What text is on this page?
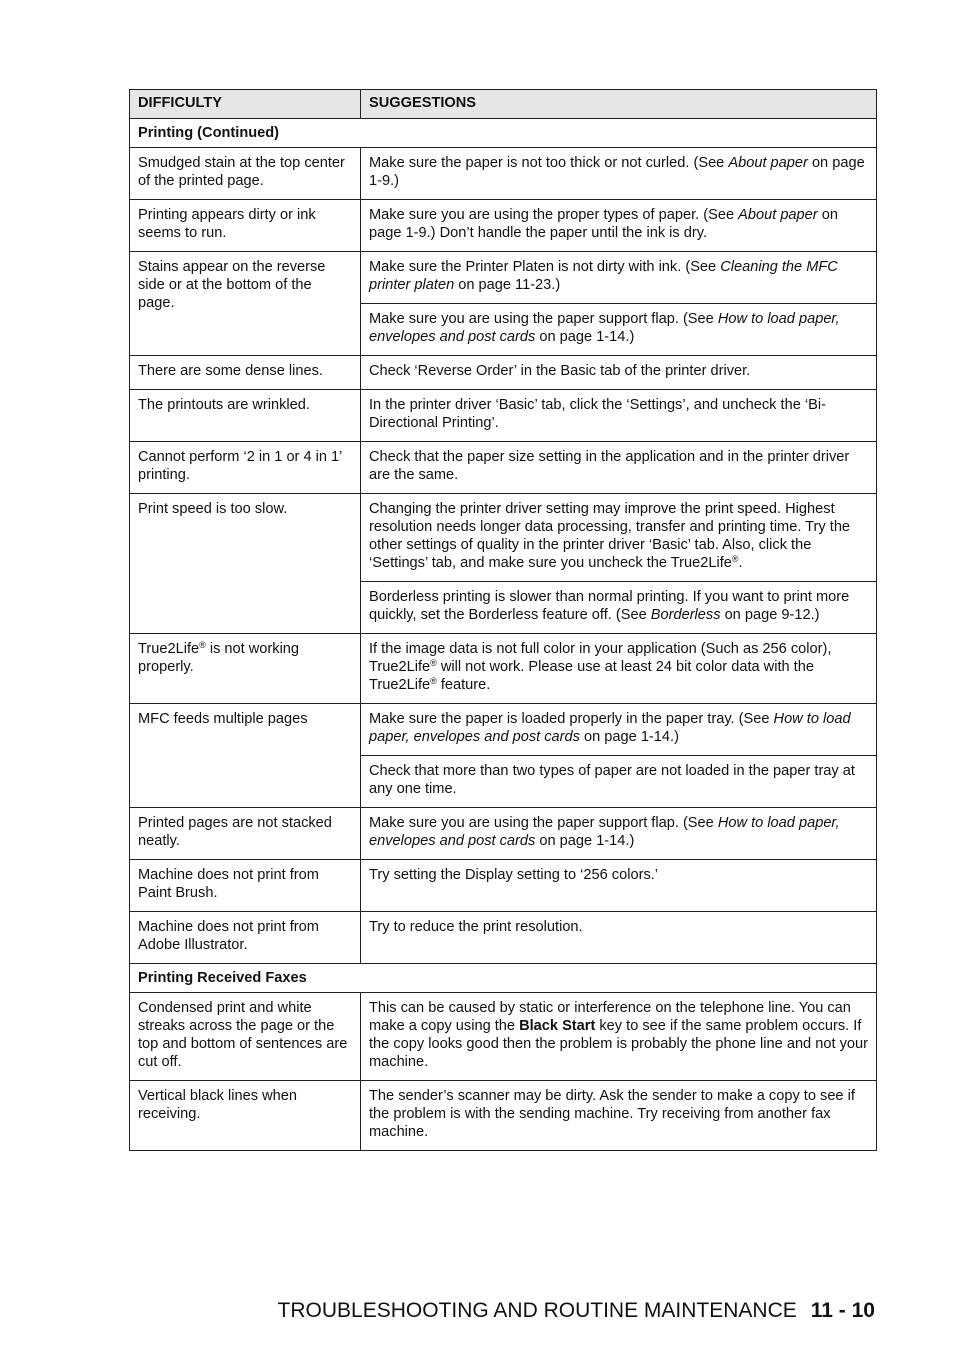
DIFFICULTY	SUGGESTIONS
Printing (Continued)	
Smudged stain at the top center of the printed page.	Make sure the paper is not too thick or not curled. (See About paper on page 1-9.)
Printing appears dirty or ink seems to run.	Make sure you are using the proper types of paper. (See About paper on page 1-9.) Don’t handle the paper until the ink is dry.
Stains appear on the reverse side or at the bottom of the page.	Make sure the Printer Platen is not dirty with ink. (See Cleaning the MFC printer platen on page 11-23.)
	Make sure you are using the paper support flap. (See How to load paper, envelopes and post cards on page 1-14.)
There are some dense lines.	Check ‘Reverse Order’ in the Basic tab of the printer driver.
The printouts are wrinkled.	In the printer driver ‘Basic’ tab, click the ‘Settings’, and uncheck the ‘Bi-Directional Printing’.
Cannot perform ‘2 in 1 or 4 in 1’ printing.	Check that the paper size setting in the application and in the printer driver are the same.
Print speed is too slow.	Changing the printer driver setting may improve the print speed. Highest resolution needs longer data processing, transfer and printing time. Try the other settings of quality in the printer driver ‘Basic’ tab. Also, click the ‘Settings’ tab, and make sure you uncheck the True2Life®.
	Borderless printing is slower than normal printing. If you want to print more quickly, set the Borderless feature off. (See Borderless on page 9-12.)
True2Life® is not working properly.	If the image data is not full color in your application (Such as 256 color), True2Life® will not work. Please use at least 24 bit color data with the True2Life® feature.
MFC feeds multiple pages	Make sure the paper is loaded properly in the paper tray. (See How to load paper, envelopes and post cards on page 1-14.)
	Check that more than two types of paper are not loaded in the paper tray at any one time.
Printed pages are not stacked neatly.	Make sure you are using the paper support flap. (See How to load paper, envelopes and post cards on page 1-14.)
Machine does not print from Paint Brush.	Try setting the Display setting to ‘256 colors.’
Machine does not print from Adobe Illustrator.	Try to reduce the print resolution.
Printing Received Faxes	
Condensed print and white streaks across the page or the top and bottom of sentences are cut off.	This can be caused by static or interference on the telephone line. You can make a copy using the Black Start key to see if the same problem occurs. If the copy looks good then the problem is probably the phone line and not your machine.
Vertical black lines when receiving.	The sender’s scanner may be dirty. Ask the sender to make a copy to see if the problem is with the sending machine. Try receiving from another fax machine.
TROUBLESHOOTING AND ROUTINE MAINTENANCE 11 - 10
